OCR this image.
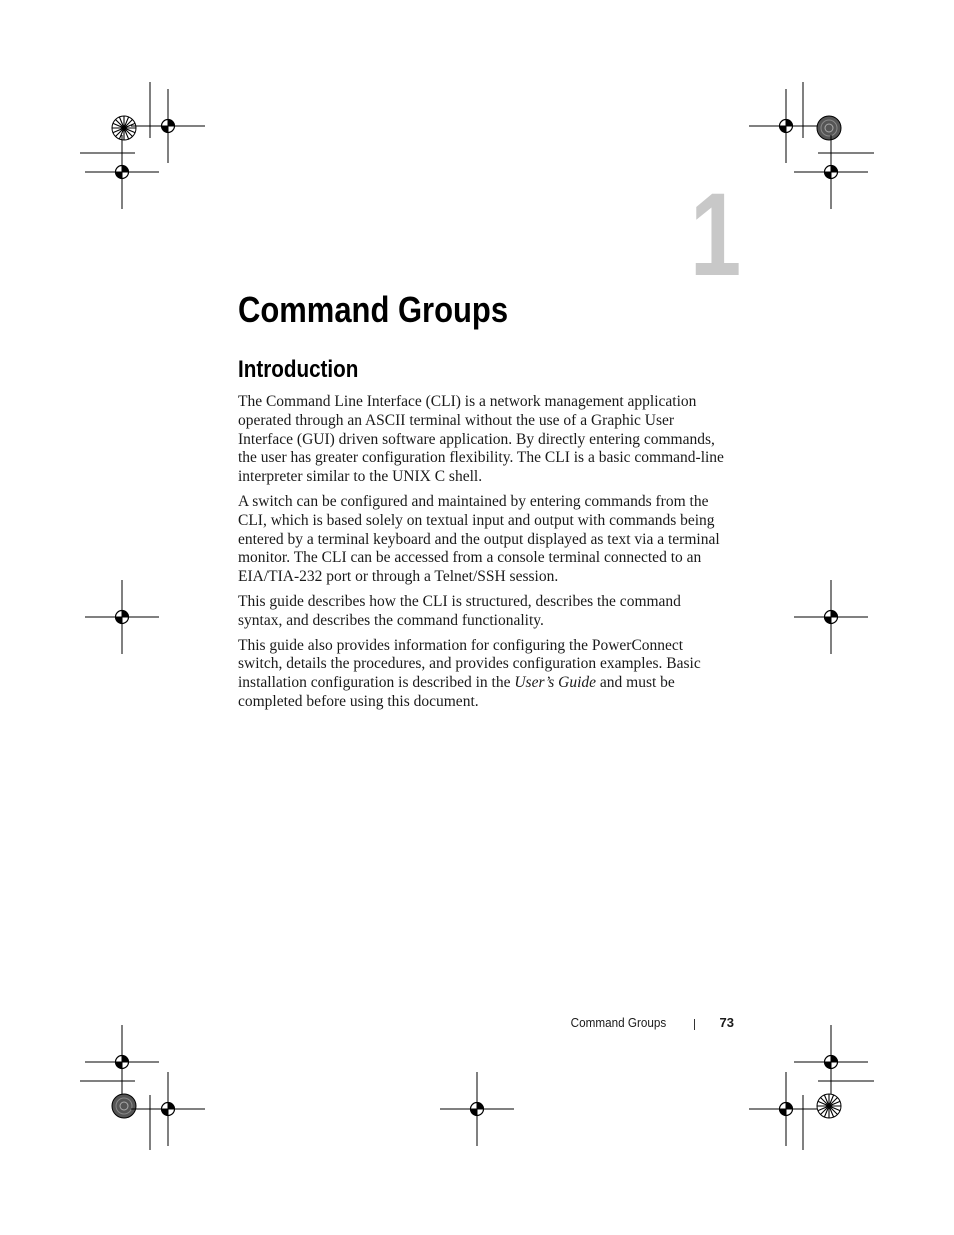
1
Command Groups
Introduction

The Command Line Interface (CLI) is a network management application
operated through an ASCII terminal without the use of a Graphic User
Interface (GUI) driven software application. By directly entering commands,
the user has greater configuration flexibility. The CLI is a basic command-line
interpreter similar to the UNIX C shell.

A switch can be configured and maintained by entering commands from the
CLI, which is based solely on textual input and output with commands being
entered by a terminal keyboard and the output displayed as text via a terminal
monitor. The CLI can be accessed from a console terminal connected to an
EIA/TIA-232 port or through a Telnet/SSH session.

This guide describes how the CLI is structured, describes the command
syntax, and describes the command functionality.

This guide also provides information for configuring the PowerConnect
switch, details the procedures, and provides configuration examples. Basic
installation configuration is described in the User’s Guide and must be
completed before using this document.

Command Groups	73
